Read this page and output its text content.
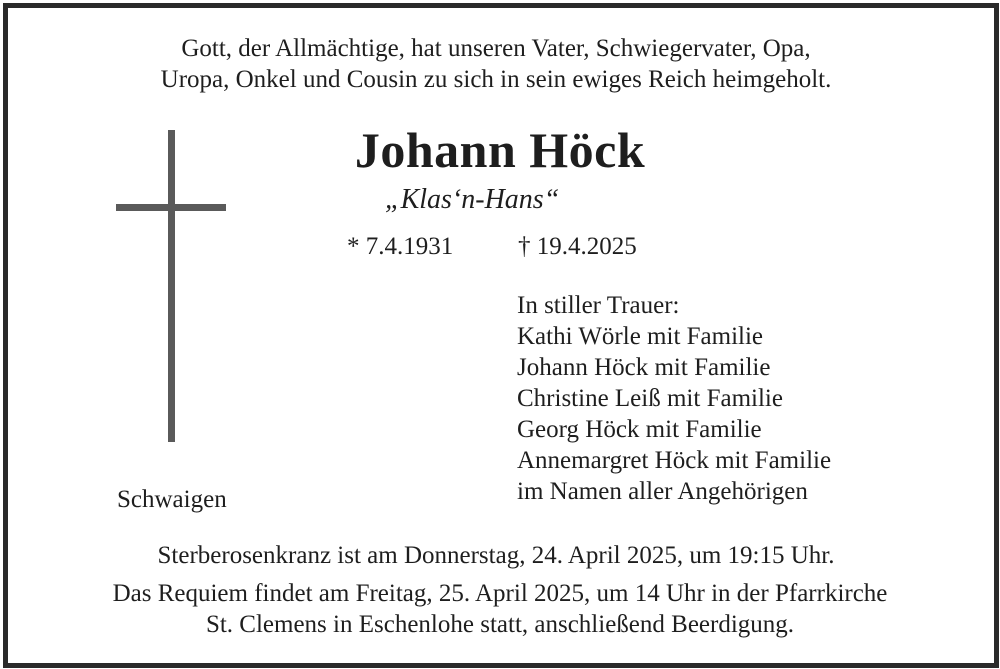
Gott, der Allmächtige, hat unseren Vater, Schwiegervater, Opa,
Uropa, Onkel und Cousin zu sich in sein ewiges Reich heimgeholt.
Johann Höck
„Klas‘n-Hans“
* 7.4.1931	† 19.4.2025
In stiller Trauer:
Kathi Wörle mit Familie
Johann Höck mit Familie
Christine Leiß mit Familie
Georg Höck mit Familie
Annemargret Höck mit Familie
im Namen aller Angehörigen
Schwaigen
Sterberosenkranz ist am Donnerstag, 24. April 2025, um 19:15 Uhr.
Das Requiem findet am Freitag, 25. April 2025, um 14 Uhr in der Pfarrkirche
St. Clemens in Eschenlohe statt, anschließend Beerdigung.
